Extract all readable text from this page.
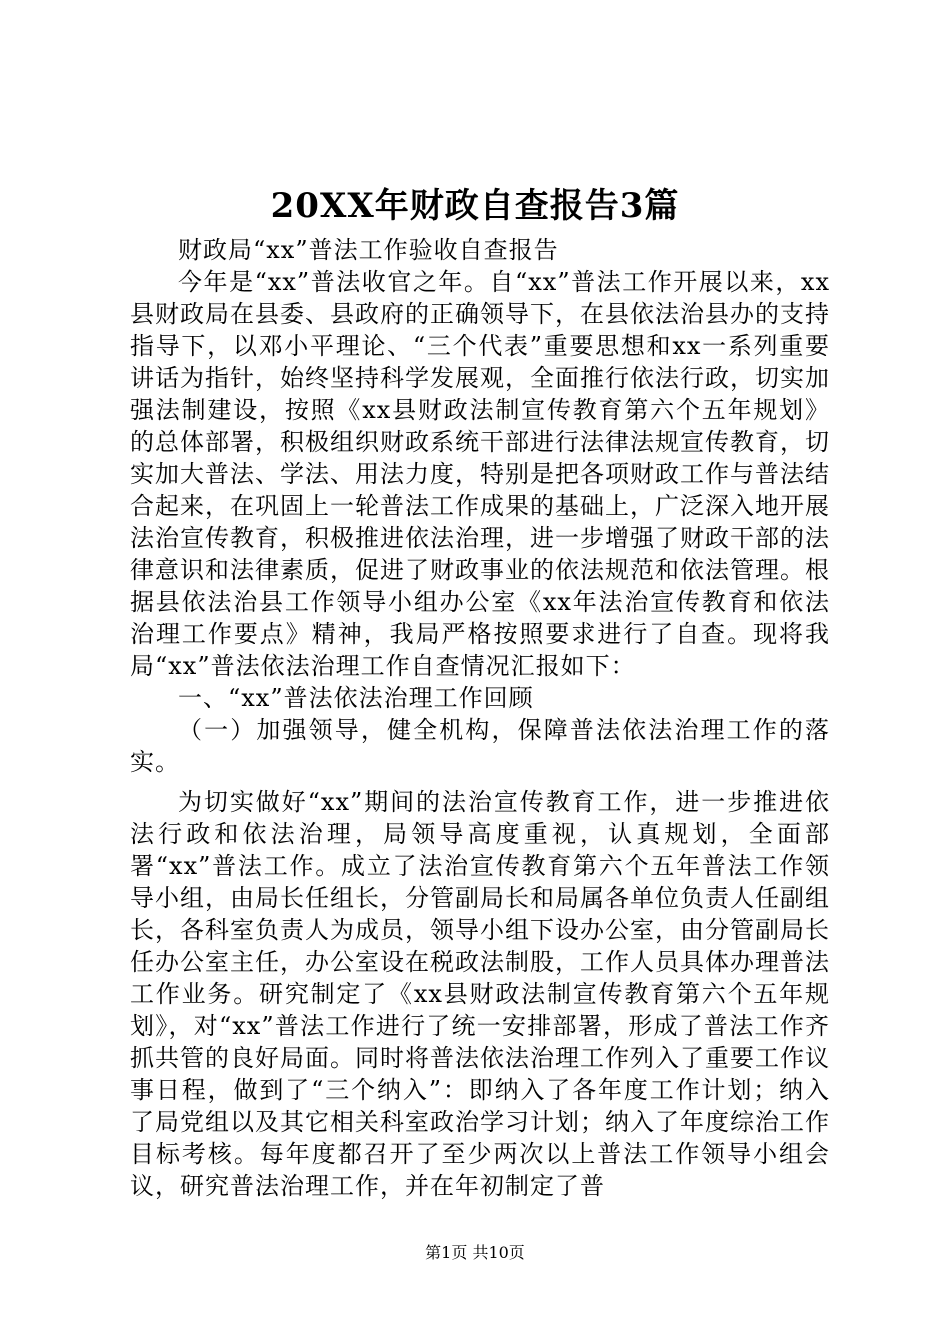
20XX年财政自查报告3篇

财政局“xx”普法工作验收自查报告

今年是“xx”普法收官之年。自“xx”普法工作开展以来，xx县财政局在县委、县政府的正确领导下，在县依法治县办的支持指导下，以邓小平理论、“三个代表”重要思想和xx一系列重要讲话为指针，始终坚持科学发展观，全面推行依法行政，切实加强法制建设，按照《xx县财政法制宣传教育第六个五年规划》的总体部署，积极组织财政系统干部进行法律法规宣传教育，切实加大普法、学法、用法力度，特别是把各项财政工作与普法结合起来，在巩固上一轮普法工作成果的基础上，广泛深入地开展法治宣传教育，积极推进依法治理，进一步增强了财政干部的法律意识和法律素质，促进了财政事业的依法规范和依法管理。根据县依法治县工作领导小组办公室《xx年法治宣传教育和依法治理工作要点》精神，我局严格按照要求进行了自查。现将我局“xx”普法依法治理工作自查情况汇报如下：

一、“xx”普法依法治理工作回顾

（一）加强领导，健全机构，保障普法依法治理工作的落实。

为切实做好“xx”期间的法治宣传教育工作，进一步推进依法行政和依法治理，局领导高度重视，认真规划，全面部署“xx”普法工作。成立了法治宣传教育第六个五年普法工作领导小组，由局长任组长，分管副局长和局属各单位负责人任副组长，各科室负责人为成员，领导小组下设办公室，由分管副局长任办公室主任，办公室设在税政法制股，工作人员具体办理普法工作业务。研究制定了《xx县财政法制宣传教育第六个五年规划》，对“xx”普法工作进行了统一安排部署，形成了普法工作齐抓共管的良好局面。同时将普法依法治理工作列入了重要工作议事日程，做到了“三个纳入”：即纳入了各年度工作计划；纳入了局党组以及其它相关科室政治学习计划；纳入了年度综治工作目标考核。每年度都召开了至少两次以上普法工作领导小组会议，研究普法治理工作，并在年初制定了普

第1页 共10页
